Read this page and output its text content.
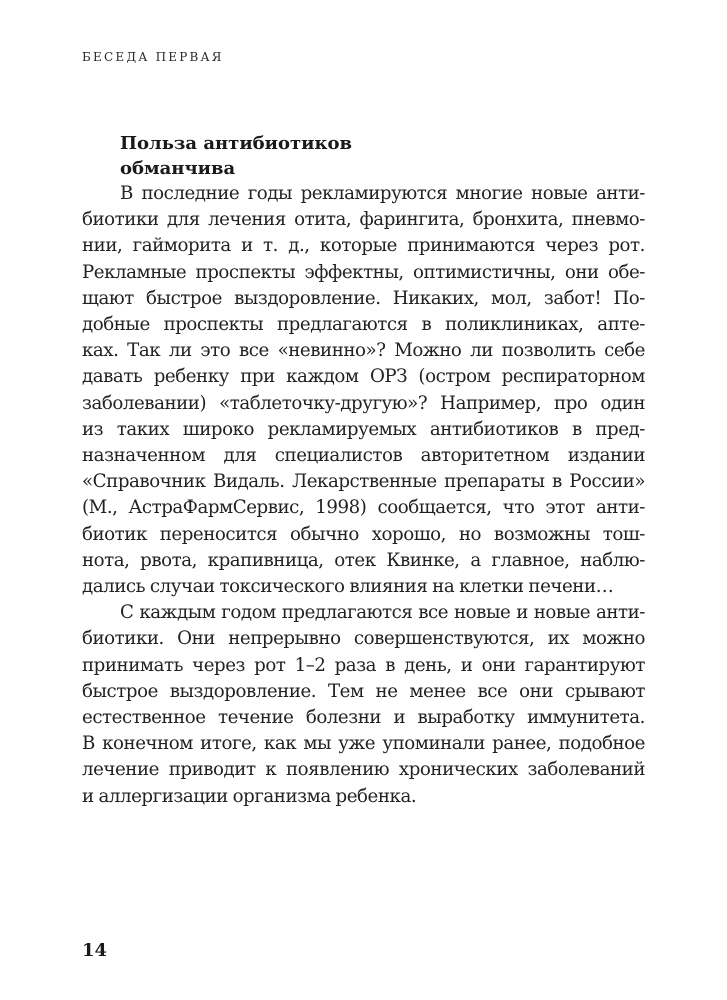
БЕСЕДА ПЕРВАЯ
Польза антибиотиков
обманчива

В последние годы рекламируются многие новые анти-
биотики для лечения отита, фарингита, бронхита, пневмо-
нии, гайморита и т. д., которые принимаются через рот.
Рекламные проспекты эффектны, оптимистичны, они обе-
щают быстрое выздоровление. Никаких, мол, забот! По-
добные проспекты предлагаются в поликлиниках, апте-
ках. Так ли это все «невинно»? Можно ли позволить себе
давать ребенку при каждом ОРЗ (остром респираторном
заболевании) «таблеточку-другую»? Например, про один
из таких широко рекламируемых антибиотиков в пред-
назначенном для специалистов авторитетном издании
«Справочник Видаль. Лекарственные препараты в России»
(М., АстраФармСервис, 1998) сообщается, что этот анти-
биотик переносится обычно хорошо, но возможны тош-
нота, рвота, крапивница, отек Квинке, а главное, наблю-
дались случаи токсического влияния на клетки печени…

С каждым годом предлагаются все новые и новые анти-
биотики. Они непрерывно совершенствуются, их можно
принимать через рот 1–2 раза в день, и они гарантируют
быстрое выздоровление. Тем не менее все они срывают
естественное течение болезни и выработку иммунитета.
В конечном итоге, как мы уже упоминали ранее, подобное
лечение приводит к появлению хронических заболеваний
и аллергизации организма ребенка.

14
